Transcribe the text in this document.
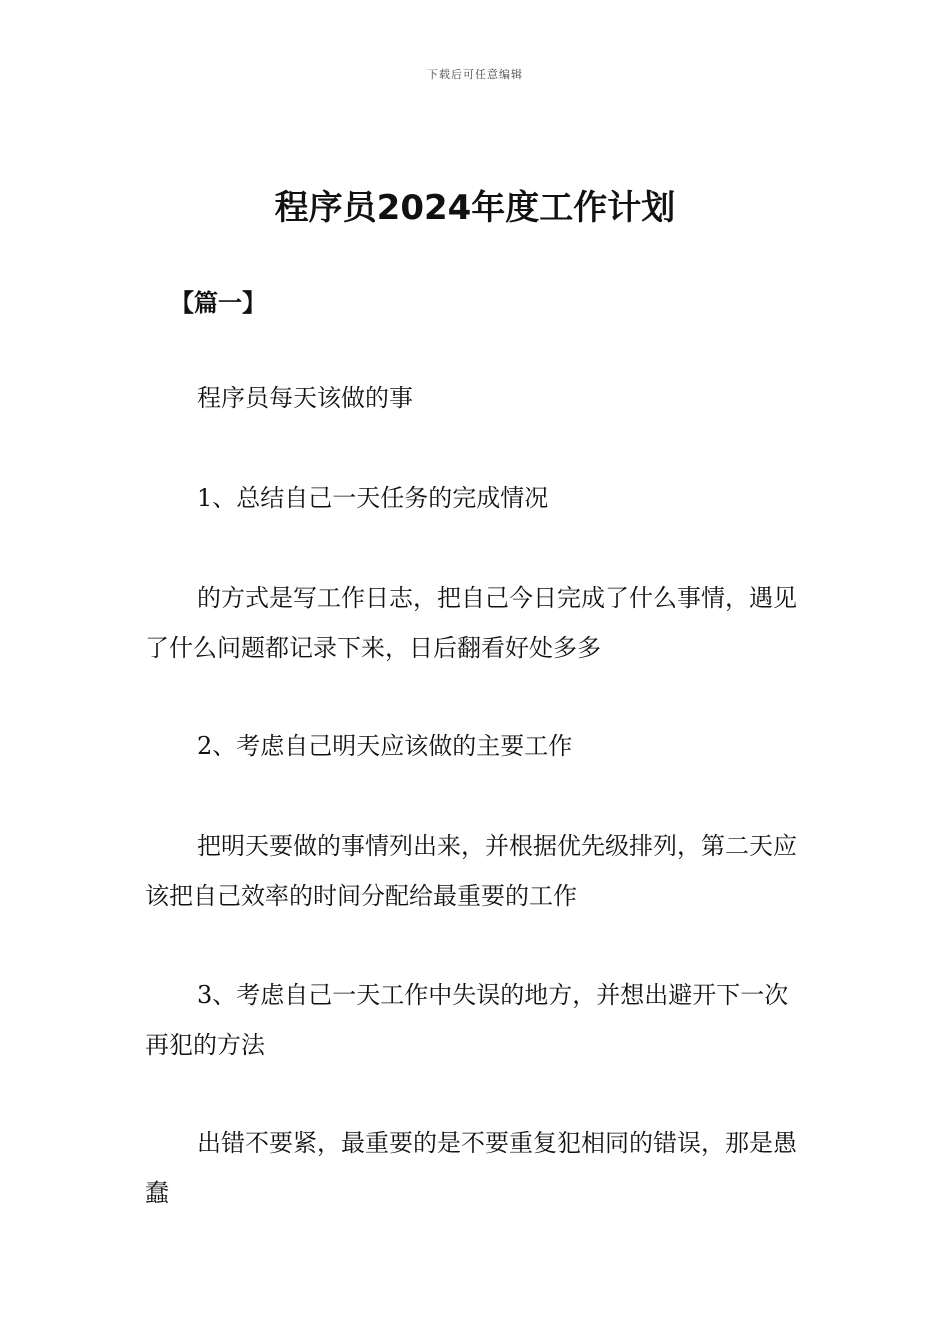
下载后可任意编辑
程序员2024年度工作计划
【篇一】

程序员每天该做的事

1、总结自己一天任务的完成情况

的方式是写工作日志，把自己今日完成了什么事情，遇见了什么问题都记录下来，日后翻看好处多多

2、考虑自己明天应该做的主要工作

把明天要做的事情列出来，并根据优先级排列，第二天应该把自己效率的时间分配给最重要的工作

3、考虑自己一天工作中失误的地方，并想出避开下一次再犯的方法

出错不要紧，最重要的是不要重复犯相同的错误，那是愚蠢
